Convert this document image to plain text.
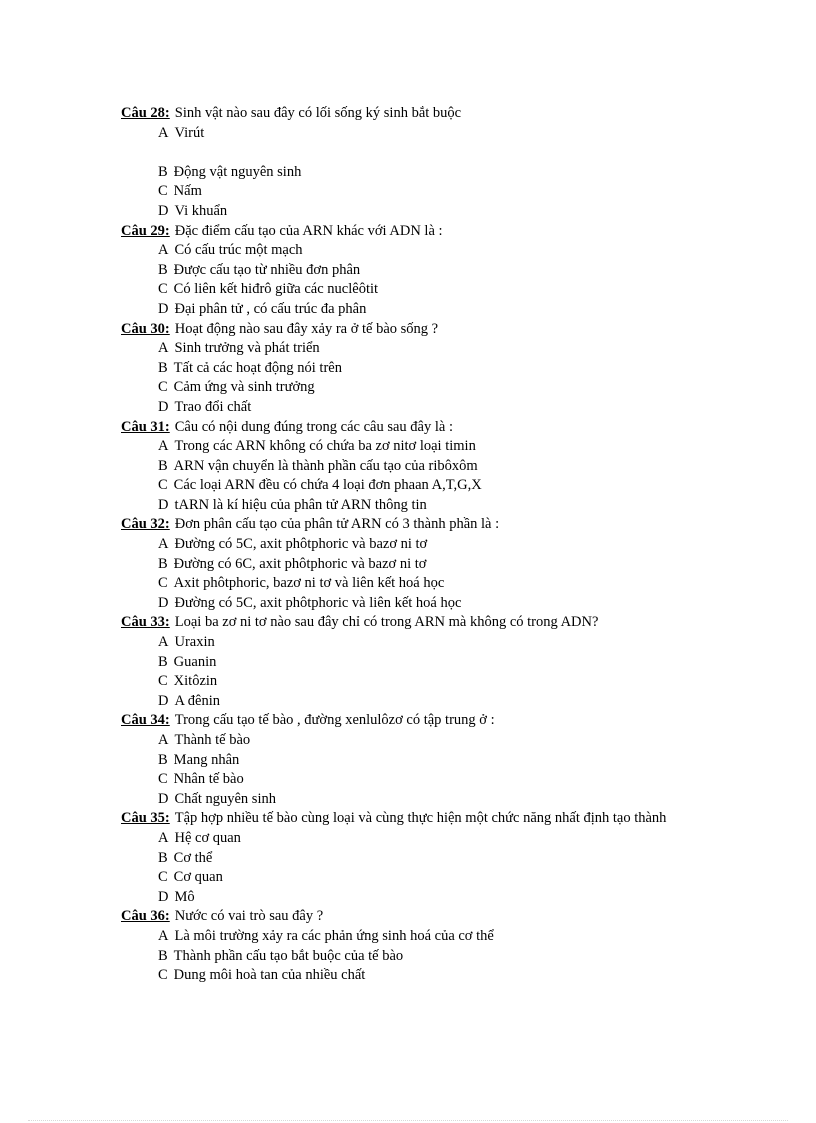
Câu 28: Sinh vật nào sau đây có lối sống ký sinh bắt buộc
A Virút
B Động vật nguyên sinh
C Nấm
D Vi khuẩn
Câu 29: Đặc điểm cấu tạo của ARN khác với ADN là :
A Có cấu trúc một mạch
B Được cấu tạo từ nhiều đơn phân
C Có liên kết hiđrô giữa các nuclêôtit
D Đại phân tử , có cấu trúc đa phân
Câu 30: Hoạt động nào sau đây xảy ra ở tế bào sống ?
A Sinh trưởng và phát triển
B Tất cả các hoạt động nói trên
C Cảm ứng và sinh trưởng
D Trao đổi chất
Câu 31: Câu có nội dung đúng trong các câu sau đây là :
A Trong các ARN không có chứa ba zơ nitơ loại timin
B ARN vận chuyển là thành phần cấu tạo của ribôxôm
C Các loại ARN đều có chứa 4 loại đơn phaan A,T,G,X
D tARN là kí hiệu của phân tử ARN thông tin
Câu 32: Đơn phân cấu tạo của phân tử ARN có 3 thành phần là :
A Đường có 5C, axit phôtphoric và bazơ ni tơ
B Đường có 6C, axit phôtphoric và bazơ ni tơ
C Axit phôtphoric, bazơ ni tơ và liên kết hoá học
D Đường có 5C, axit phôtphoric và liên kết hoá học
Câu 33: Loại ba zơ ni tơ nào sau đây chỉ có trong ARN mà không có trong ADN?
A Uraxin
B Guanin
C Xitôzin
D A đênin
Câu 34: Trong cấu tạo tế bào , đường xenlulôzơ có tập trung ở :
A Thành tế bào
B Mang nhân
C Nhân tế bào
D Chất nguyên sinh
Câu 35: Tập hợp nhiều tế bào cùng loại và cùng thực hiện một chức năng nhất định tạo thành
A Hệ cơ quan
B Cơ thể
C Cơ quan
D Mô
Câu 36: Nước có vai trò sau đây ?
A Là môi trường xảy ra các phản ứng sinh hoá của cơ thể
B Thành phần cấu tạo bắt buộc của tế bào
C Dung môi hoà tan của nhiều chất
